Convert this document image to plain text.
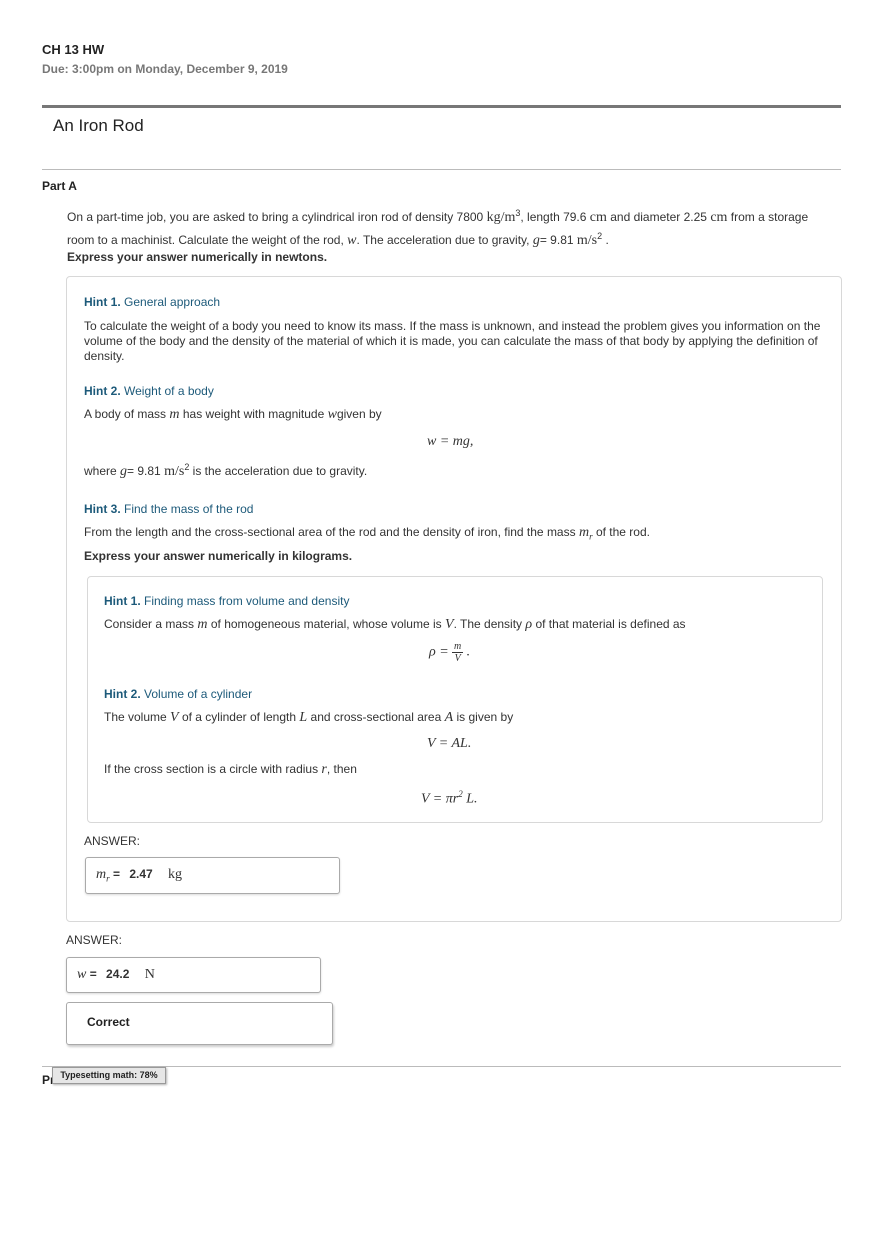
CH 13 HW
Due: 3:00pm on Monday, December 9, 2019
An Iron Rod
Part A

On a part-time job, you are asked to bring a cylindrical iron rod of density 7800 $kg/m^3$, length 79.6 cm and diameter 2.25 cm from a storage

room to a machinist. Calculate the weight of the rod, w. The acceleration due to gravity, g= 9.81 $m/s^2$ .

Express your answer numerically in newtons.
Hint 1. General approach
To calculate the weight of a body you need to know its mass. If the mass is unknown, and instead the problem gives you information on the volume of the body and the density of the material of which it is made, you can calculate the mass of that body by applying the definition of density.
Hint 2. Weight of a body
A body of mass m has weight with magnitude wgiven by
w = mg,
where g= 9.81 $m/s^2$ is the acceleration due to gravity.
Hint 3. Find the mass of the rod
From the length and the cross-sectional area of the rod and the density of iron, find the mass $m_r$ of the rod.
Express your answer numerically in kilograms.
Hint 1. Finding mass from volume and density
Consider a mass m of homogeneous material, whose volume is V. The density ρ of that material is defined as
$\rho = \frac{m}{V}$ .
Hint 2. Volume of a cylinder
The volume V of a cylinder of length L and cross-sectional area A is given by
V = AL.
If the cross section is a circle with radius r, then
$V = \pi r^2$ L.
ANSWER:
$m_r = 2.47$ kg
ANSWER:
w = 24.2 N
Correct
P	Typesetting math: 78%
